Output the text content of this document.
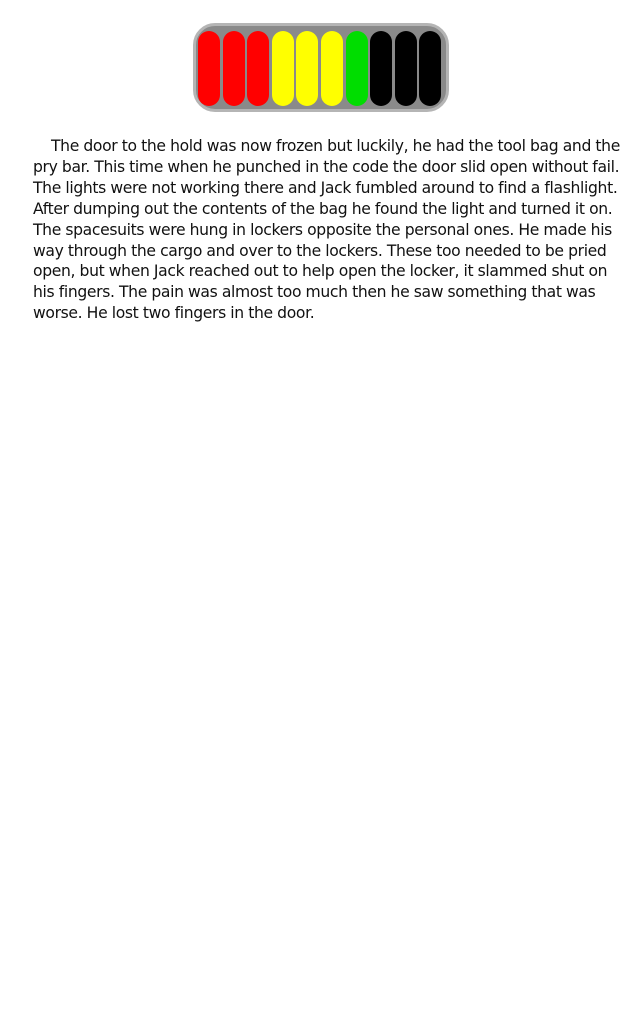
The door to the hold was now frozen but luckily, he had the tool bag and the
pry bar. This time when he punched in the code the door slid open without fail.
The lights were not working there and Jack fumbled around to find a flashlight.
After dumping out the contents of the bag he found the light and turned it on.
The spacesuits were hung in lockers opposite the personal ones. He made his
way through the cargo and over to the lockers. These too needed to be pried
open, but when Jack reached out to help open the locker, it slammed shut on
his fingers. The pain was almost too much then he saw something that was
worse. He lost two fingers in the door.
